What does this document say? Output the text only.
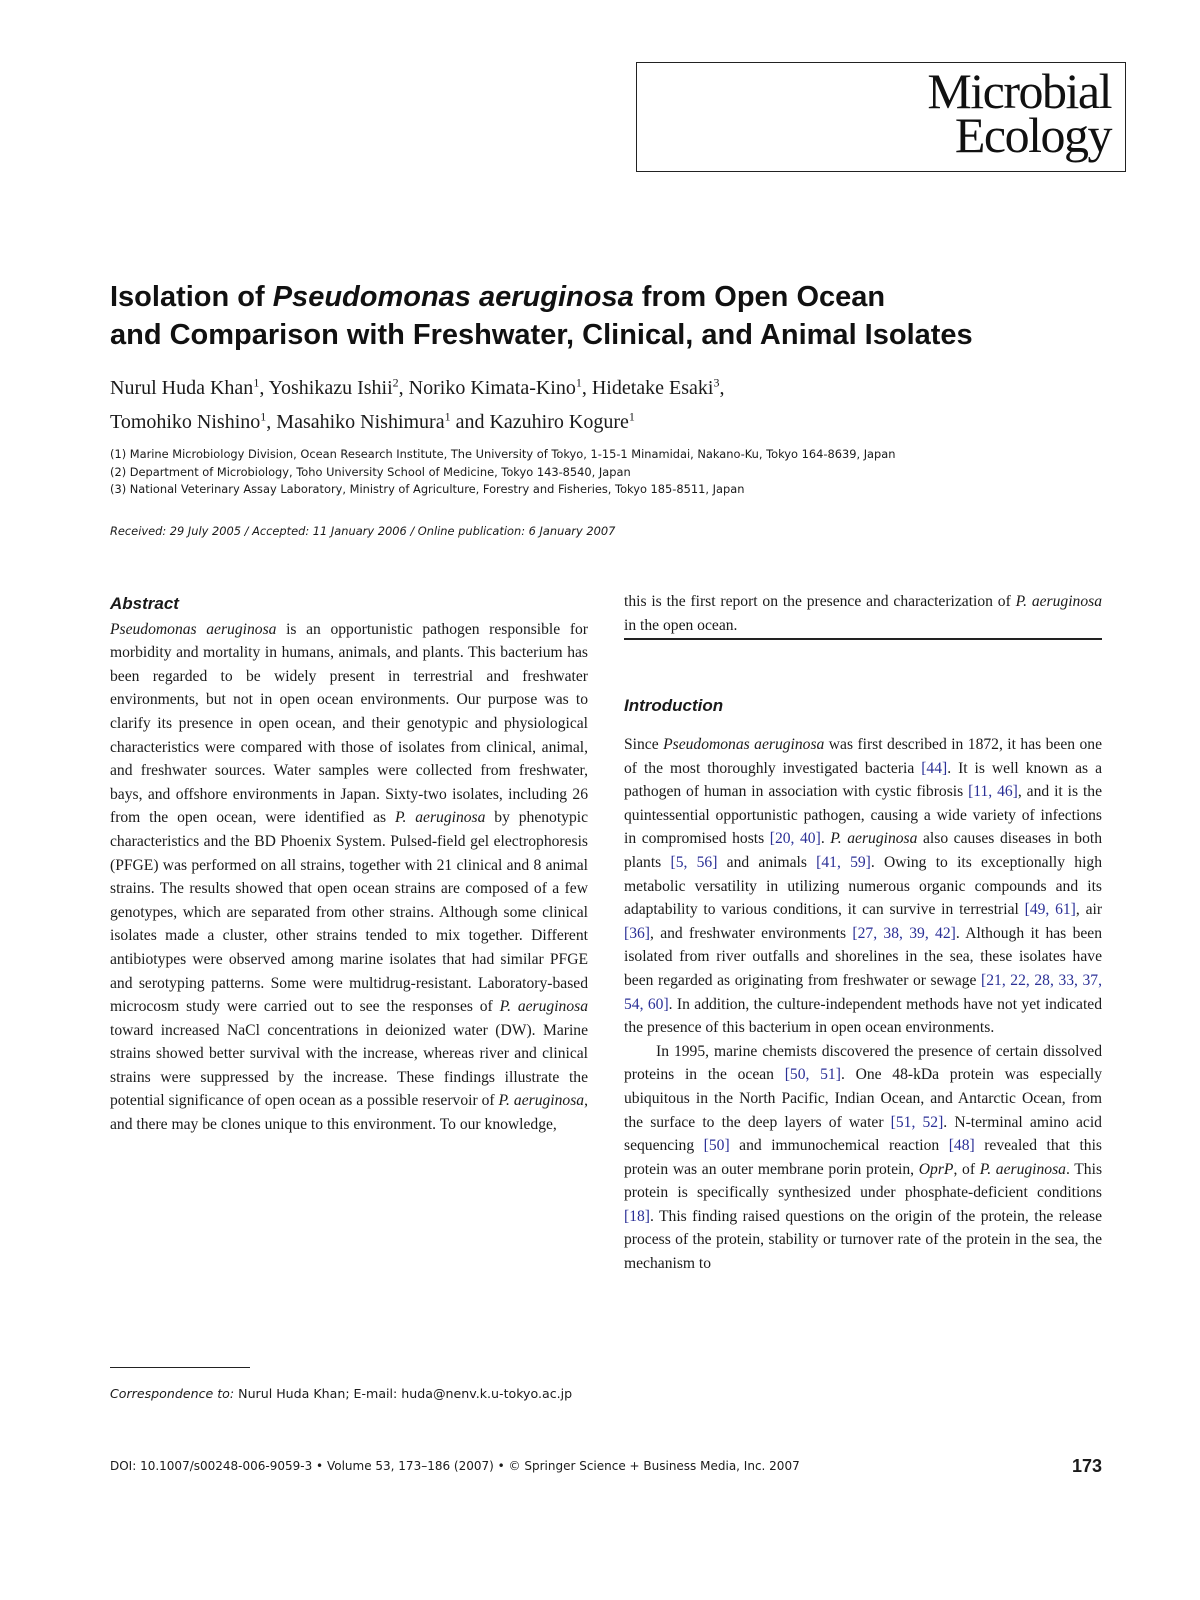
Microbial
Ecology
Isolation of Pseudomonas aeruginosa from Open Ocean
and Comparison with Freshwater, Clinical, and Animal Isolates
Nurul Huda Khan$^1$, Yoshikazu Ishii$^2$, Noriko Kimata-Kino$^1$, Hidetake Esaki$^3$,
Tomohiko Nishino$^1$, Masahiko Nishimura$^1$ and Kazuhiro Kogure$^1$
(1) Marine Microbiology Division, Ocean Research Institute, The University of Tokyo, 1-15-1 Minamidai, Nakano-Ku, Tokyo 164-8639, Japan
(2) Department of Microbiology, Toho University School of Medicine, Tokyo 143-8540, Japan
(3) National Veterinary Assay Laboratory, Ministry of Agriculture, Forestry and Fisheries, Tokyo 185-8511, Japan
Received: 29 July 2005 / Accepted: 11 January 2006 / Online publication: 6 January 2007

Abstract

Pseudomonas aeruginosa is an opportunistic pathogen responsible for morbidity and mortality in humans, animals, and plants. This bacterium has been regarded to be widely present in terrestrial and freshwater environments, but not in open ocean environments. Our purpose was to clarify its presence in open ocean, and their genotypic and physiological characteristics were compared with those of isolates from clinical, animal, and freshwater sources. Water samples were collected from freshwater, bays, and offshore environments in Japan. Sixty-two isolates, including 26 from the open ocean, were identified as P. aeruginosa by phenotypic characteristics and the BD Phoenix System. Pulsed-field gel electrophoresis (PFGE) was performed on all strains, together with 21 clinical and 8 animal strains. The results showed that open ocean strains are composed of a few genotypes, which are separated from other strains. Although some clinical isolates made a cluster, other strains tended to mix together. Different antibiotypes were observed among marine isolates that had similar PFGE and serotyping patterns. Some were multidrug-resistant. Laboratory-based microcosm study were carried out to see the responses of P. aeruginosa toward increased NaCl concentrations in deionized water (DW). Marine strains showed better survival with the increase, whereas river and clinical strains were suppressed by the increase. These findings illustrate the potential significance of open ocean as a possible reservoir of P. aeruginosa, and there may be clones unique to this environment. To our knowledge,

this is the first report on the presence and characterization of P. aeruginosa in the open ocean.

Introduction

Since Pseudomonas aeruginosa was first described in 1872, it has been one of the most thoroughly investigated bacteria [44]. It is well known as a pathogen of human in association with cystic fibrosis [11, 46], and it is the quintessential opportunistic pathogen, causing a wide variety of infections in compromised hosts [20, 40]. P. aeruginosa also causes diseases in both plants [5, 56] and animals [41, 59]. Owing to its exceptionally high metabolic versatility in utilizing numerous organic compounds and its adaptability to various conditions, it can survive in terrestrial [49, 61], air [36], and freshwater environments [27, 38, 39, 42]. Although it has been isolated from river outfalls and shorelines in the sea, these isolates have been regarded as originating from freshwater or sewage [21, 22, 28, 33, 37, 54, 60]. In addition, the culture-independent methods have not yet indicated the presence of this bacterium in open ocean environments.

In 1995, marine chemists discovered the presence of certain dissolved proteins in the ocean [50, 51]. One 48-kDa protein was especially ubiquitous in the North Pacific, Indian Ocean, and Antarctic Ocean, from the surface to the deep layers of water [51, 52]. N-terminal amino acid sequencing [50] and immunochemical reaction [48] revealed that this protein was an outer membrane porin protein, OprP, of P. aeruginosa. This protein is specifically synthesized under phosphate-deficient conditions [18]. This finding raised questions on the origin of the protein, the release process of the protein, stability or turnover rate of the protein in the sea, the mechanism to

Correspondence to: Nurul Huda Khan; E-mail: huda@nenv.k.u-tokyo.ac.jp
DOI: 10.1007/s00248-006-9059-3 • Volume 53, 173–186 (2007) • © Springer Science + Business Media, Inc. 2007	173
